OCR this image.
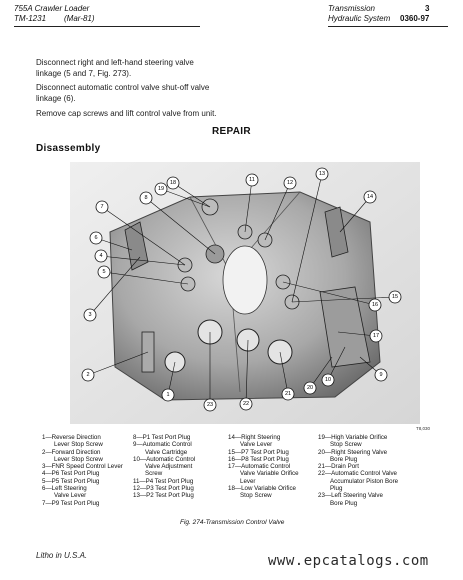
755A Crawler Loader
TM-1231 (Mar-81)
Transmission	3
Hydraulic System 0360-97
Disconnect right and left-hand steering valve linkage (5 and 7, Fig. 273).
Disconnect automatic control valve shut-off valve linkage (6).
Remove cap screws and lift control valve from unit.
REPAIR
Disassembly
18
19
11	12
13
14
7
8
6
4
5
3
15
16
17
2
1
23	22
21
20
10
9
T8,030
1—Reverse Direction
Lever Stop Screw
2—Forward Direction
Lever Stop Screw
3—FNR Speed Control Lever
4—P6 Test Port Plug
5—P5 Test Port Plug
6—Left Steering
Valve Lever
7—P9 Test Port Plug
8—P1 Test Port Plug
9—Automatic Control
Valve Cartridge
10—Automatic Control
Valve Adjustment
Screw
11—P4 Test Port Plug
12—P3 Test Port Plug
13—P2 Test Port Plug
14—Right Steering
Valve Lever
15—P7 Test Port Plug
16—P8 Test Port Plug
17—Automatic Control
Valve Variable Orifice
Lever
18—Low Variable Orifice
Stop Screw
19—High Variable Orifice
Stop Screw
20—Right Steering Valve
Bore Plug
21—Drain Port
22—Automatic Control Valve
Accumulator Piston Bore
Plug
23—Left Steering Valve
Bore Plug
Fig. 274-Transmission Control Valve
Litho in U.S.A.	www.epcatalogs.com
